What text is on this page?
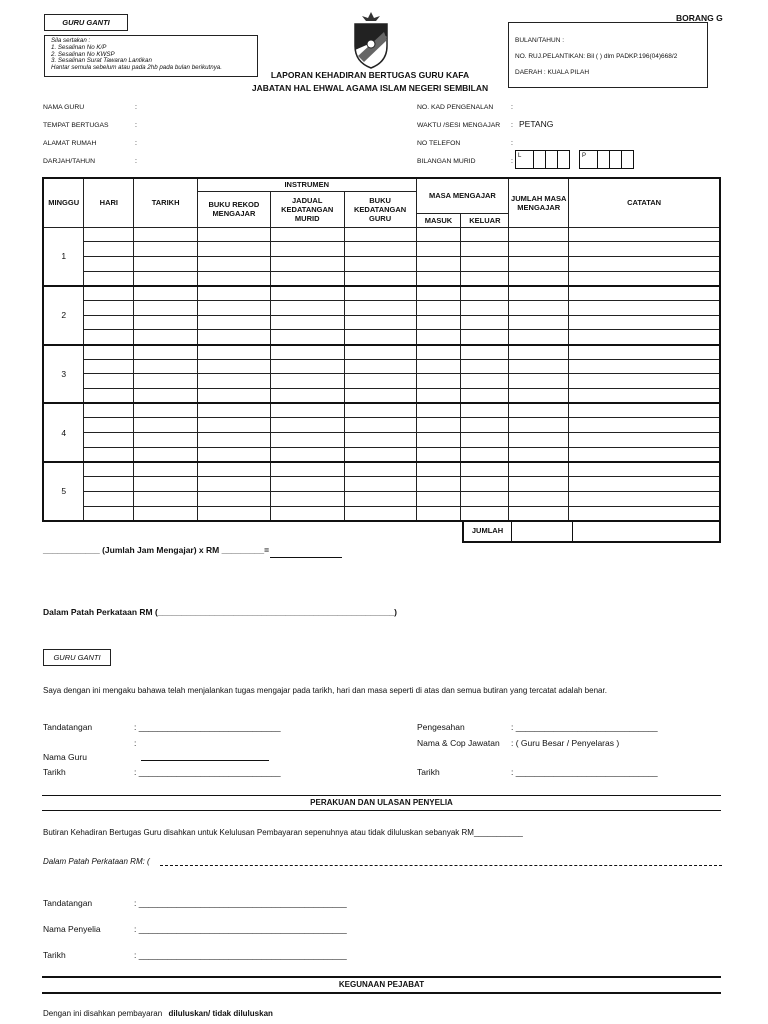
GURU GANTI
Sila sertakan :
1. Sesalinan No K/P
2. Sesalinan No KWSP
3. Sesalinan Surat Tawaran Lantikan
Hantar semula sebelum atau pada 2hb pada bulan berikutnya.
LAPORAN KEHADIRAN BERTUGAS GURU KAFA
JABATAN HAL EHWAL AGAMA ISLAM NEGERI SEMBILAN
BORANG G
BULAN/TAHUN :
NO. RUJ.PELANTIKAN: Bil ( ) dlm PADKP.196(04)668/2
DAERAH : KUALA PILAH
NAMA GURU	:
TEMPAT BERTUGAS	:
ALAMAT RUMAH	:
DARJAH/TAHUN	:
NO. KAD PENGENALAN	:
WAKTU /SESI MENGAJAR : PETANG
NO TELEFON	:
BILANGAN MURID	:
L	P
MINGGU	HARI	TARIKH	INSTRUMEN			MASA MENGAJAR		JUMLAH MASA MENGAJAR	CATATAN
			BUKU REKOD MENGAJAR	JADUAL KEDATANGAN MURID	BUKU KEDATANGAN GURU				
						MASUK	KELUAR		
1									

2									

3									

4									

5									

JUMLAH
____________ (Jumlah Jam Mengajar) x RM _________=
Dalam Patah Perkataan RM (__________________________________________________)
GURU GANTI
Saya dengan ini mengaku bahawa telah menjalankan tugas mengajar pada tarikh, hari dan masa seperti di atas dan semua butiran yang tercatat adalah benar.
Tandatangan	: ______________________________
:
Nama Guru
Tarikh	: ______________________________
Pengesahan	: ______________________________
Nama & Cop Jawatan : ( Guru Besar / Penyelaras )
Tarikh	: ______________________________
PERAKUAN DAN ULASAN PENYELIA
Butiran Kehadiran Bertugas Guru disahkan untuk Kelulusan Pembayaran sepenuhnya atau tidak diluluskan sebanyak RM___________
Dalam Patah Perkataan RM: (
Tandatangan	: ____________________________________________
Nama Penyelia	: ____________________________________________
Tarikh	: ____________________________________________
KEGUNAAN PEJABAT
Dengan ini disahkan pembayaran diluluskan/ tidak diluluskan
